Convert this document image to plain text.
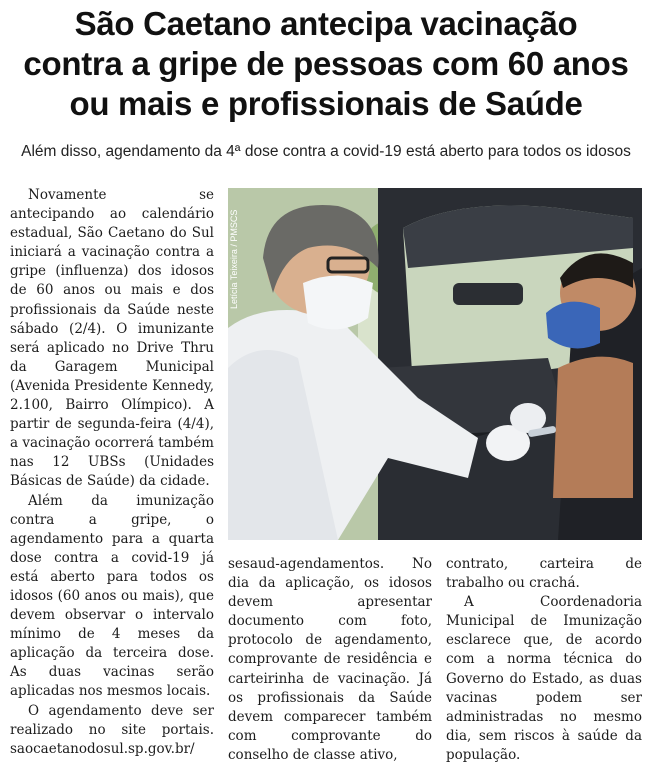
São Caetano antecipa vacinação
contra a gripe de pessoas com 60 anos
ou mais e profissionais de Saúde
Além disso, agendamento da 4ª dose contra a covid-19 está aberto para todos os idosos

Novamente se antecipando ao calendário estadual, São Caetano do Sul iniciará a vacinação contra a gripe (influenza) dos idosos de 60 anos ou mais e dos profissionais da Saúde neste sábado (2/4). O imunizante será aplicado no Drive Thru da Garagem Municipal (Avenida Presidente Kennedy, 2.100, Bairro Olímpico). A partir de segunda-feira (4/4), a vacinação ocorrerá também nas 12 UBSs (Unidades Básicas de Saúde) da cidade.

Além da imunização contra a gripe, o agendamento para a quarta dose contra a covid-19 já está aberto para todos os idosos (60 anos ou mais), que devem observar o intervalo mínimo de 4 meses da aplicação da terceira dose. As duas vacinas serão aplicadas nos mesmos locais.

O agendamento deve ser realizado no site portais. saocaetanodosul.sp.gov.br/

Letícia Teixeira / PMSCS

sesaud-agendamentos. No dia da aplicação, os idosos devem apresentar documento com foto, protocolo de agendamento, comprovante de residência e carteirinha de vacinação. Já os profissionais da Saúde devem comparecer também com comprovante do conselho de classe ativo,

contrato, carteira de trabalho ou crachá.

A Coordenadoria Municipal de Imunização esclarece que, de acordo com a norma técnica do Governo do Estado, as duas vacinas podem ser administradas no mesmo dia, sem riscos à saúde da população.
